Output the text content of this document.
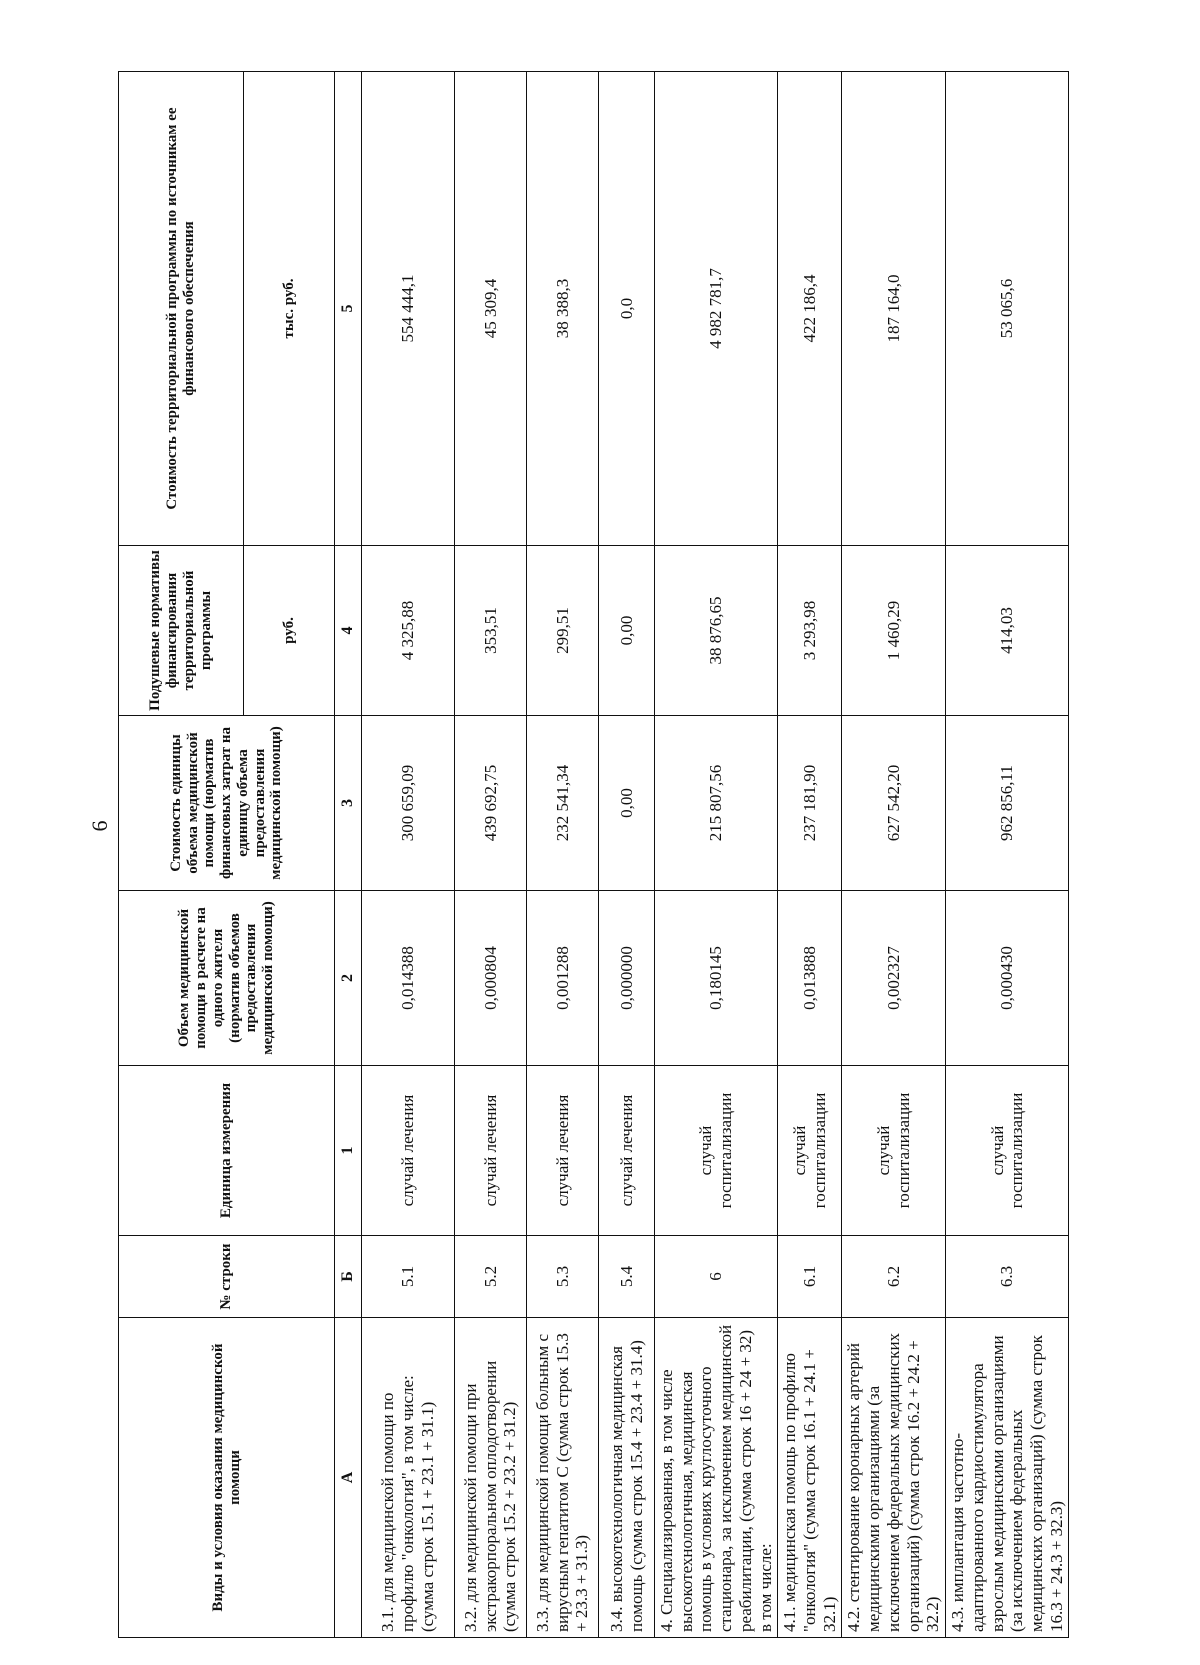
6
Виды и условия оказания медицинской помощи	№ строки	Единица измерения	Объем медицинской помощи в расчете на одного жителя (норматив объемов предоставления медицинской помощи)	Стоимость единицы объема медицинской помощи (норматив финансовых затрат на единицу объема предоставления медицинской помощи)	Подушевые нормативы финансирования территориальной программы	Стоимость территориальной программы по источникам ее финансового обеспечения
					руб.	тыс. руб.
А	Б	1	2	3	4	5
3.1. для медицинской помощи по профилю "онкология", в том числе: (сумма строк 15.1 + 23.1 + 31.1)	5.1	случай лечения	0,014388	300 659,09	4 325,88	554 444,1
3.2. для медицинской помощи при экстракорпоральном оплодотворении (сумма строк 15.2 + 23.2 + 31.2)	5.2	случай лечения	0,000804	439 692,75	353,51	45 309,4
3.3. для медицинской помощи больным с вирусным гепатитом С (сумма строк 15.3 + 23.3 + 31.3)	5.3	случай лечения	0,001288	232 541,34	299,51	38 388,3
3.4. высокотехнологичная медицинская помощь (сумма строк 15.4 + 23.4 + 31.4)	5.4	случай лечения	0,000000	0,00	0,00	0,0
4. Специализированная, в том числе высокотехнологичная, медицинская помощь в условиях круглосуточного стационара, за исключением медицинской реабилитации, (сумма строк 16 + 24 + 32) в том числе:	6	случай госпитализации	0,180145	215 807,56	38 876,65	4 982 781,7
4.1. медицинская помощь по профилю "онкология" (сумма строк 16.1 + 24.1 + 32.1)	6.1	случай госпитализации	0,013888	237 181,90	3 293,98	422 186,4
4.2. стентирование коронарных артерий медицинскими организациями (за исключением федеральных медицинских организаций) (сумма строк 16.2 + 24.2 + 32.2)	6.2	случай госпитализации	0,002327	627 542,20	1 460,29	187 164,0
4.3. имплантация частотно-адаптированного кардиостимулятора взрослым медицинскими организациями (за исключением федеральных медицинских организаций) (сумма строк 16.3 + 24.3 + 32.3)	6.3	случай госпитализации	0,000430	962 856,11	414,03	53 065,6
